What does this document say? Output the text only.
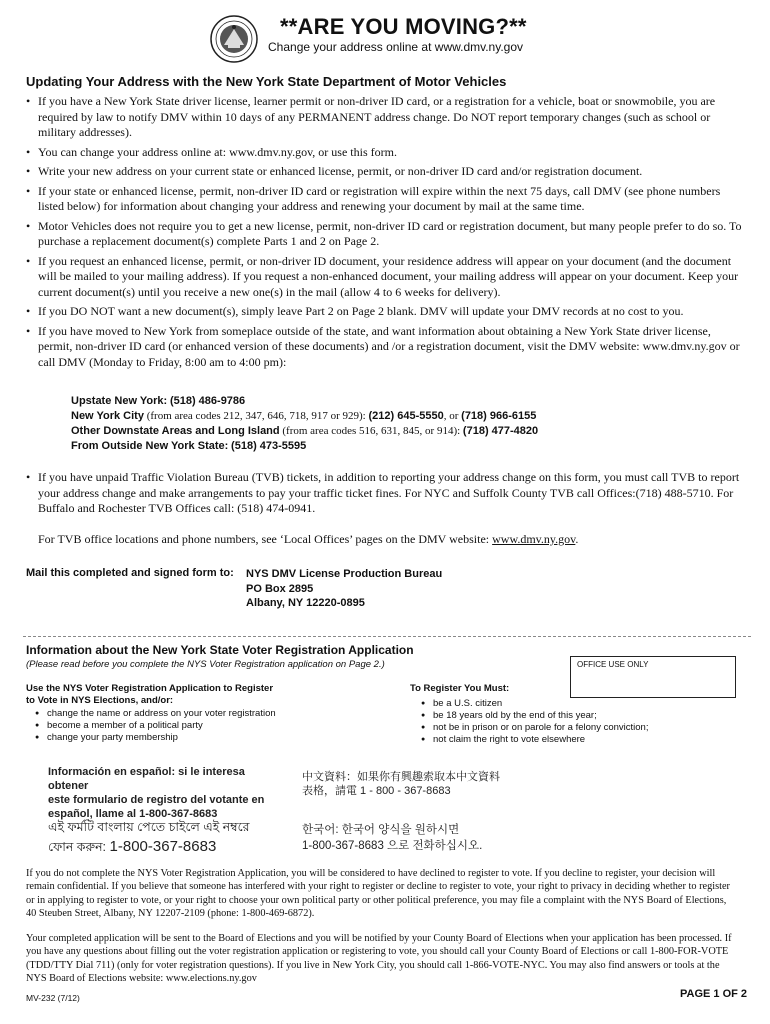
**ARE YOU MOVING?**
Change your address online at www.dmv.ny.gov
Updating Your Address with the New York State Department of Motor Vehicles
• If you have a New York State driver license, learner permit or non-driver ID card, or a registration for a vehicle, boat or snowmobile, you are required by law to notify DMV within 10 days of any PERMANENT address change. Do NOT report temporary changes (such as school or military addresses).
• You can change your address online at: www.dmv.ny.gov, or use this form.
• Write your new address on your current state or enhanced license, permit, or non-driver ID card and/or registration document.
• If your state or enhanced license, permit, non-driver ID card or registration will expire within the next 75 days, call DMV (see phone numbers listed below) for information about changing your address and renewing your document by mail at the same time.
• Motor Vehicles does not require you to get a new license, permit, non-driver ID card or registration document, but many people prefer to do so. To purchase a replacement document(s) complete Parts 1 and 2 on Page 2.
• If you request an enhanced license, permit, or non-driver ID document, your residence address will appear on your document (and the document will be mailed to your mailing address). If you request a non-enhanced document, your mailing address will appear on your document. Keep your current document(s) until you receive a new one(s) in the mail (allow 4 to 6 weeks for delivery).
• If you DO NOT want a new document(s), simply leave Part 2 on Page 2 blank. DMV will update your DMV records at no cost to you.
• If you have moved to New York from someplace outside of the state, and want information about obtaining a New York State driver license, permit, non-driver ID card (or enhanced version of these documents) and /or a registration document, visit the DMV website: www.dmv.ny.gov or call DMV (Monday to Friday, 8:00 am to 4:00 pm):
Upstate New York: (518) 486-9786
New York City (from area codes 212, 347, 646, 718, 917 or 929): (212) 645-5550, or (718) 966-6155
Other Downstate Areas and Long Island (from area codes 516, 631, 845, or 914): (718) 477-4820
From Outside New York State: (518) 473-5595
• If you have unpaid Traffic Violation Bureau (TVB) tickets, in addition to reporting your address change on this form, you must call TVB to report your address change and make arrangements to pay your traffic ticket fines. For NYC and Suffolk County TVB call Offices:(718) 488-5710. For Buffalo and Rochester TVB Offices call: (518) 474-0941.
For TVB office locations and phone numbers, see ‘Local Offices’ pages on the DMV website: www.dmv.ny.gov.
Mail this completed and signed form to: NYS DMV License Production Bureau
PO Box 2895
Albany, NY 12220-0895
Information about the New York State Voter Registration Application
(Please read before you complete the NYS Voter Registration application on Page 2.)	OFFICE USE ONLY
Use the NYS Voter Registration Application to Register
to Vote in NYS Elections, and/or:
● change the name or address on your voter registration
● become a member of a political party
● change your party membership
To Register You Must:
● be a U.S. citizen
● be 18 years old by the end of this year;
● not be in prison or on parole for a felony conviction;
● not claim the right to vote elsewhere
Información en español: si le interesa obtener
este formulario de registro del votante en
español, llame al 1-800-367-8683
中文資料：如果你有興趣索取本中文資料
表格，請電 1 - 800 - 367-8683
এই ফর্মটি বাংলায় পেতে চাইলে এই নম্বরে
ফোন করুন: 1-800-367-8683
한국어: 한국어 양식을 원하시면
1-800-367-8683 으로 전화하십시오.
If you do not complete the NYS Voter Registration Application, you will be considered to have declined to register to vote. If you decline to register, your decision will remain confidential. If you believe that someone has interfered with your right to register or decline to register to vote, your right to privacy in deciding whether to register or in applying to register to vote, or your right to choose your own political party or other political preference, you may file a complaint with the NYS Board of Elections, 40 Steuben Street, Albany, NY 12207-2109 (phone: 1-800-469-6872).
Your completed application will be sent to the Board of Elections and you will be notified by your County Board of Elections when your application has been processed. If you have any questions about filling out the voter registration application or registering to vote, you should call your County Board of Elections or call 1-800-FOR-VOTE (TDD/TTY Dial 711) (only for voter registration questions). If you live in New York City, you should call 1-866-VOTE-NYC. You may also find answers or tools at the NYS Board of Elections website: www.elections.ny.gov
MV-232 (7/12)	PAGE 1 OF 2
